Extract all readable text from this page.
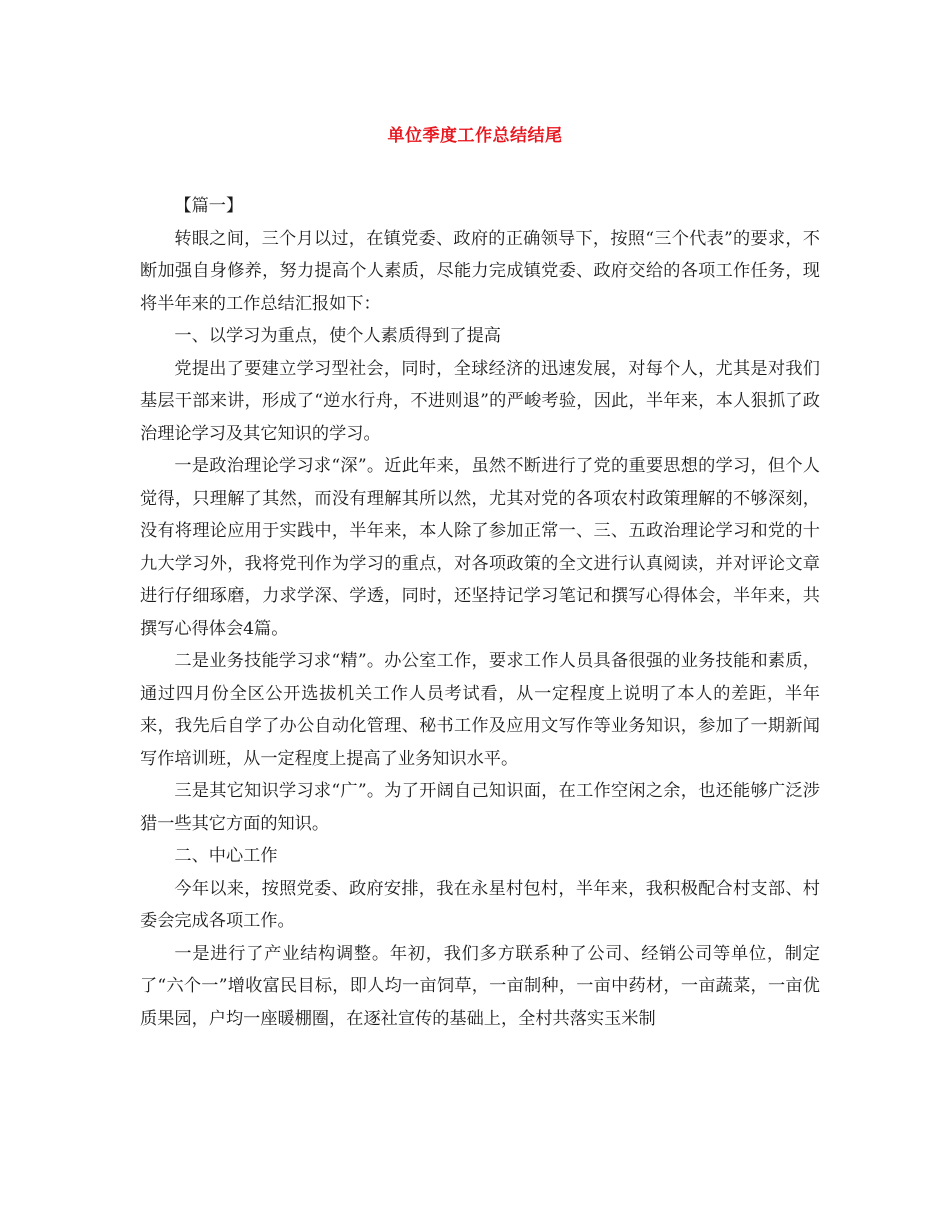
单位季度工作总结结尾

【篇一】

转眼之间，三个月以过，在镇党委、政府的正确领导下，按照“三个代表”的要求，不断加强自身修养，努力提高个人素质，尽能力完成镇党委、政府交给的各项工作任务，现将半年来的工作总结汇报如下：

一、以学习为重点，使个人素质得到了提高

党提出了要建立学习型社会，同时，全球经济的迅速发展，对每个人，尤其是对我们基层干部来讲，形成了“逆水行舟，不进则退”的严峻考验，因此，半年来，本人狠抓了政治理论学习及其它知识的学习。

一是政治理论学习求“深”。近此年来，虽然不断进行了党的重要思想的学习，但个人觉得，只理解了其然，而没有理解其所以然，尤其对党的各项农村政策理解的不够深刻，没有将理论应用于实践中，半年来，本人除了参加正常一、三、五政治理论学习和党的十九大学习外，我将党刊作为学习的重点，对各项政策的全文进行认真阅读，并对评论文章进行仔细琢磨，力求学深、学透，同时，还坚持记学习笔记和撰写心得体会，半年来，共撰写心得体会4篇。

二是业务技能学习求“精”。办公室工作，要求工作人员具备很强的业务技能和素质，通过四月份全区公开选拔机关工作人员考试看，从一定程度上说明了本人的差距，半年来，我先后自学了办公自动化管理、秘书工作及应用文写作等业务知识，参加了一期新闻写作培训班，从一定程度上提高了业务知识水平。

三是其它知识学习求“广”。为了开阔自己知识面，在工作空闲之余，也还能够广泛涉猎一些其它方面的知识。

二、中心工作

今年以来，按照党委、政府安排，我在永星村包村，半年来，我积极配合村支部、村委会完成各项工作。

一是进行了产业结构调整。年初，我们多方联系种了公司、经销公司等单位，制定了“六个一”增收富民目标，即人均一亩饲草，一亩制种，一亩中药材，一亩蔬菜，一亩优质果园，户均一座暖棚圈，在逐社宣传的基础上，全村共落实玉米制
